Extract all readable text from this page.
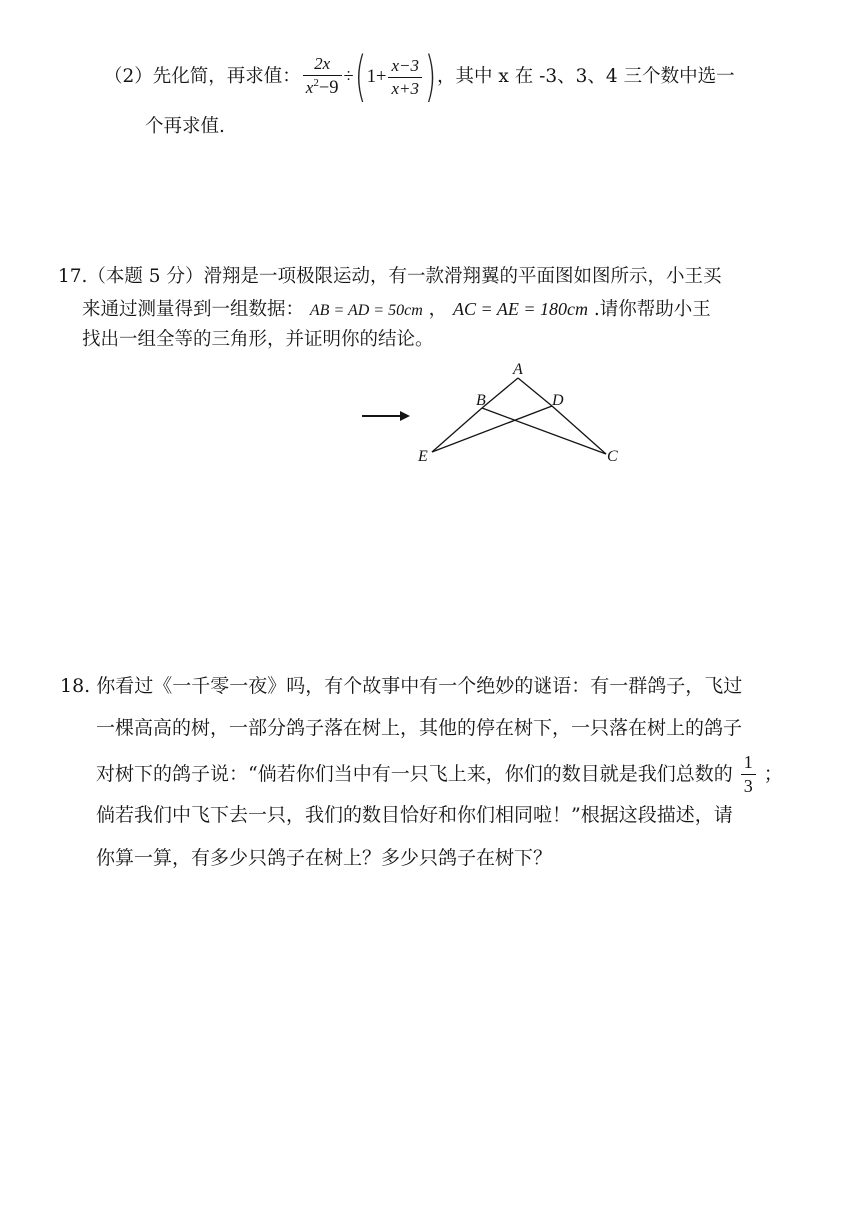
（2）先化简，再求值： $\frac{2x}{x^2-9}$ ÷ ( $1+ \frac{x-3}{x+3}$ ) ，其中 x 在 -3、3、4 三个数中选一
个再求值.
17.（本题 5 分）滑翔是一项极限运动，有一款滑翔翼的平面图如图所示，小王买
来通过测量得到一组数据： AB = AD = 50cm ， AC = AE = 180cm .请你帮助小王
找出一组全等的三角形，并证明你的结论。
A
B	D
E	C
18. 你看过《一千零一夜》吗，有个故事中有一个绝妙的谜语：有一群鸽子，飞过
一棵高高的树，一部分鸽子落在树上，其他的停在树下，一只落在树上的鸽子
对树下的鸽子说：“倘若你们当中有一只飞上来，你们的数目就是我们总数的 $\frac{1}{3}$ ；
倘若我们中飞下去一只，我们的数目恰好和你们相同啦！”根据这段描述，请
你算一算，有多少只鸽子在树上？多少只鸽子在树下？
